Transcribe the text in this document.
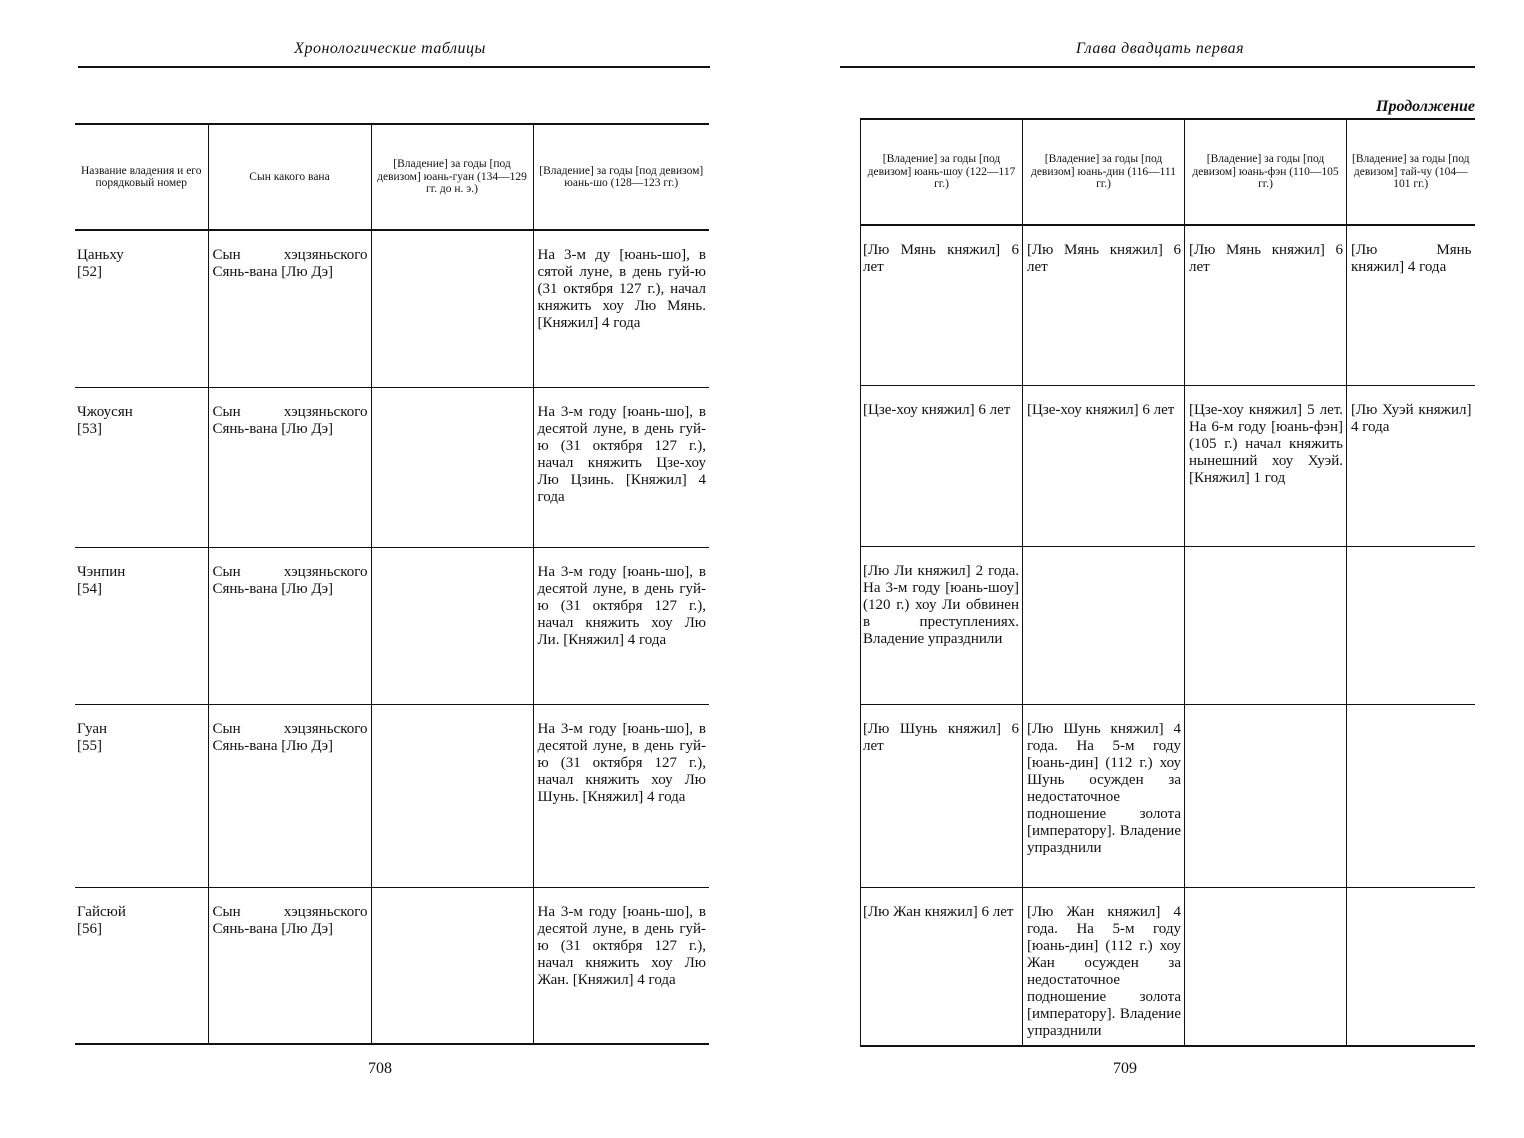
Хронологические таблицы
Название владения и его порядковый номер	Сын какого вана	[Владение] за годы [под девизом] юань-гуан (134—129 гг. до н. э.)	[Владение] за годы [под девизом] юань-шо (128—123 гг.)

Цаньху
[52]	Сын хэцзяньского Сянь-вана [Лю Дэ]		На 3-м ду [юань-шо], в сятой луне, в день гуй-ю (31 октября 127 г.), начал княжить хоу Лю Мянь. [Княжил] 4 года

Чжоусян
[53]	Сын хэцзяньского Сянь-вана [Лю Дэ]		На 3-м году [юань-шо], в десятой луне, в день гуй-ю (31 октября 127 г.), начал княжить Цзе-хоу Лю Цзинь. [Княжил] 4 года

Чэнпин
[54]	Сын хэцзяньского Сянь-вана [Лю Дэ]		На 3-м году [юань-шо], в десятой луне, в день гуй-ю (31 октября 127 г.), начал княжить хоу Лю Ли. [Княжил] 4 года

Гуан
[55]	Сын хэцзяньского Сянь-вана [Лю Дэ]		На 3-м году [юань-шо], в десятой луне, в день гуй-ю (31 октября 127 г.), начал княжить хоу Лю Шунь. [Княжил] 4 года

Гайсюй
[56]	Сын хэцзяньского Сянь-вана [Лю Дэ]		На 3-м году [юань-шо], в десятой луне, в день гуй-ю (31 октября 127 г.), начал княжить хоу Лю Жан. [Княжил] 4 года
708
Глава двадцать первая
Продолжение
[Владение] за годы [под девизом] юань-шоу (122—117 гг.)	[Владение] за годы [под девизом] юань-дин (116—111 гг.)	[Владение] за годы [под девизом] юань-фэн (110—105 гг.)	[Владение] за годы [под девизом] тай-чу (104—101 гг.)
[Лю Мянь княжил] 6 лет	[Лю Мянь княжил] 6 лет	[Лю Мянь княжил] 6 лет	[Лю Мянь княжил] 4 года
[Цзе-хоу княжил] 6 лет	[Цзе-хоу княжил] 6 лет	[Цзе-хоу княжил] 5 лет. На 6-м году [юань-фэн] (105 г.) начал княжить нынешний хоу Хуэй. [Княжил] 1 год	[Лю Хуэй княжил] 4 года
[Лю Ли княжил] 2 года. На 3-м году [юань-шоу] (120 г.) хоу Ли обвинен в преступлениях. Владение упразднили			
[Лю Шунь княжил] 6 лет	[Лю Шунь княжил] 4 года. На 5-м году [юань-дин] (112 г.) хоу Шунь осужден за недостаточное подношение золота [императору]. Владение упразднили		
[Лю Жан княжил] 6 лет	[Лю Жан княжил] 4 года. На 5-м году [юань-дин] (112 г.) хоу Жан осужден за недостаточное подношение золота [императору]. Владение упразднили		
709
